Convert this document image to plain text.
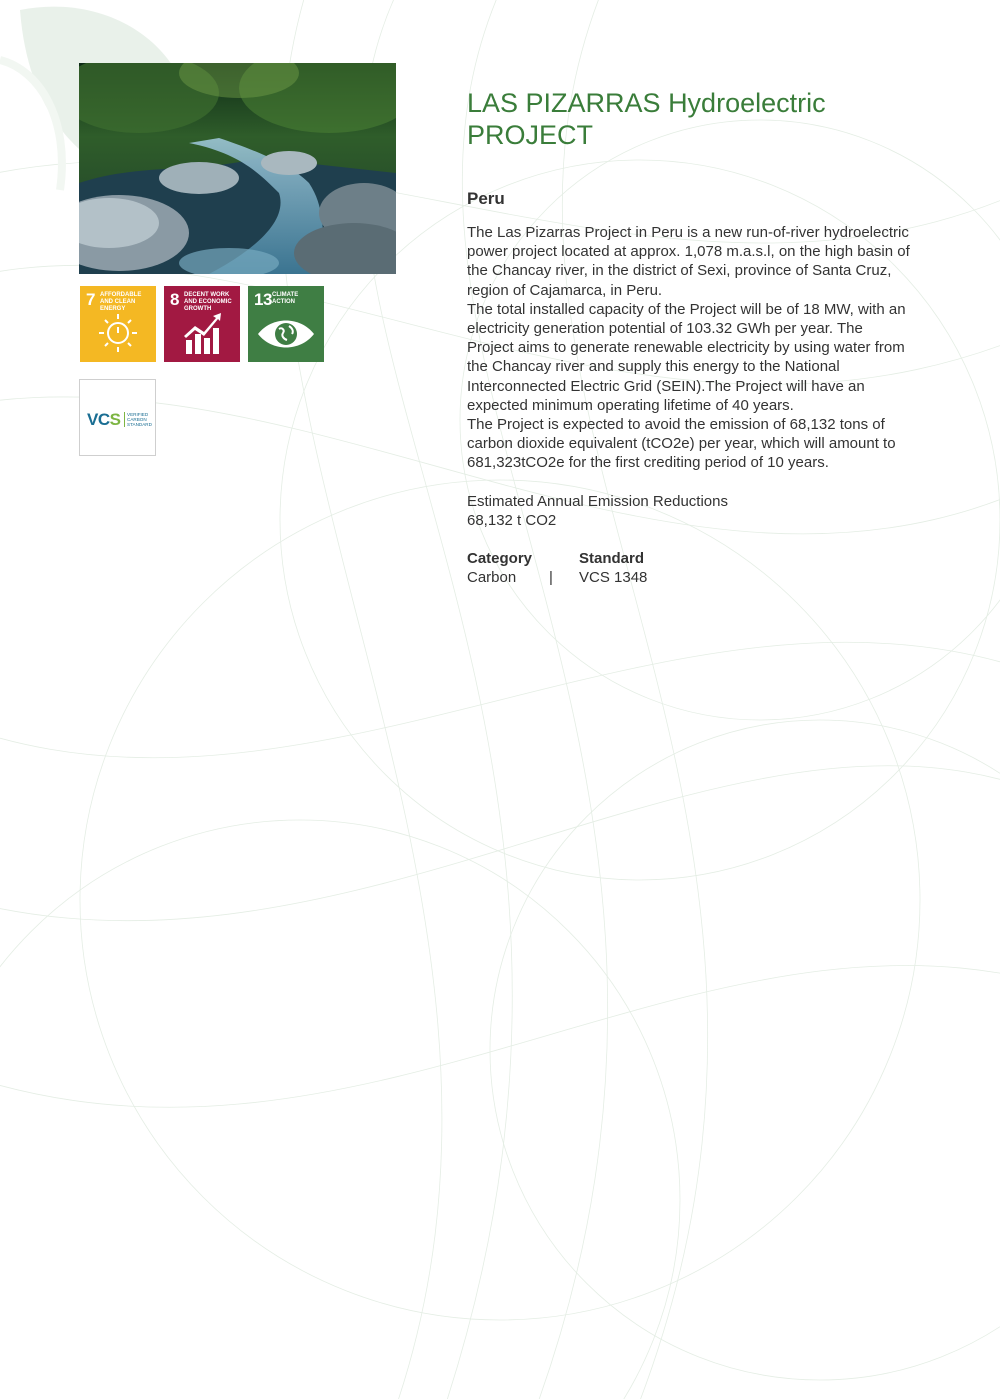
7 AFFORDABLE AND CLEAN ENERGY	8 DECENT WORK AND ECONOMIC GROWTH	13 CLIMATE ACTION
VCS	VERIFIED CARBON STANDARD
LAS PIZARRAS Hydroelectric PROJECT
Peru
The Las Pizarras Project in Peru is a new run-of-river hydroelectric
power project located at approx. 1,078 m.a.s.l, on the high basin of
the Chancay river, in the district of Sexi, province of Santa Cruz,
region of Cajamarca, in Peru.
The total installed capacity of the Project will be of 18 MW, with an
electricity generation potential of 103.32 GWh per year. The
Project aims to generate renewable electricity by using water from
the Chancay river and supply this energy to the National
Interconnected Electric Grid (SEIN).The Project will have an
expected minimum operating lifetime of 40 years.
The Project is expected to avoid the emission of 68,132 tons of
carbon dioxide equivalent (tCO2e) per year, which will amount to
681,323tCO2e for the first crediting period of 10 years.
Estimated Annual Emission Reductions
68,132 t CO2
Category	Standard
Carbon	|	VCS 1348
